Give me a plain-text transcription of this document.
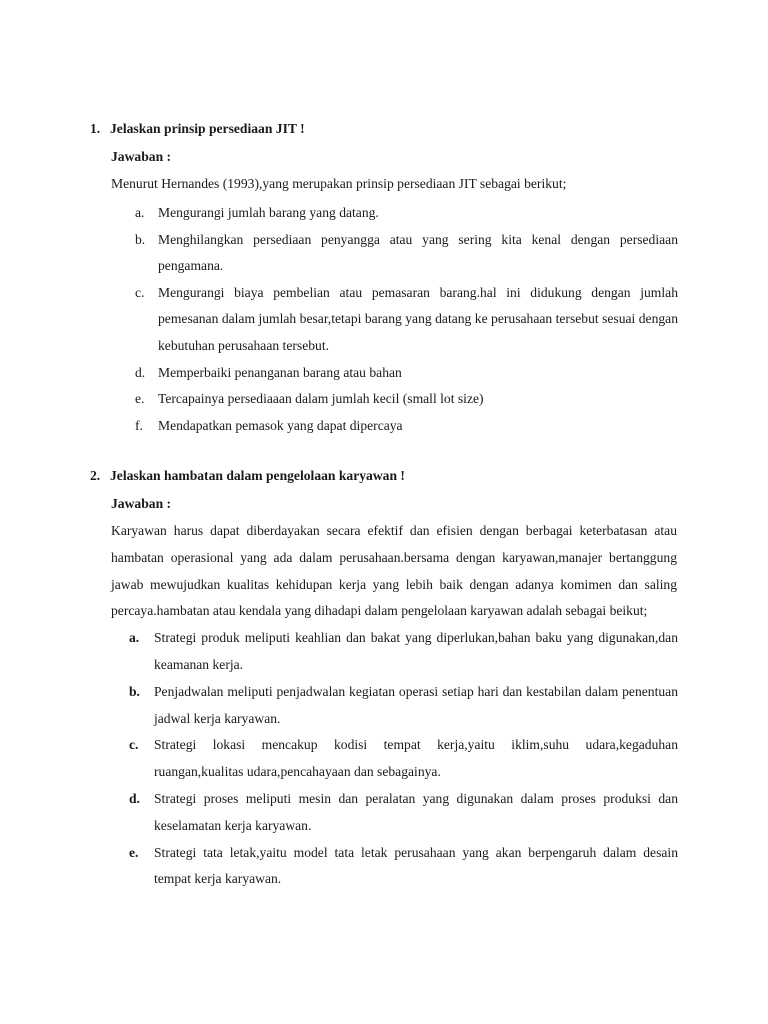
1. Jelaskan prinsip persediaan JIT !
Jawaban :
Menurut Hernandes (1993),yang merupakan prinsip persediaan JIT sebagai berikut;
a. Mengurangi jumlah barang yang datang.
b. Menghilangkan persediaan penyangga atau yang sering kita kenal dengan persediaan pengamana.
c. Mengurangi biaya pembelian atau pemasaran barang.hal ini didukung dengan jumlah pemesanan dalam jumlah besar,tetapi barang yang datang ke perusahaan tersebut sesuai dengan kebutuhan perusahaan tersebut.
d. Memperbaiki penanganan barang atau bahan
e. Tercapainya persediaaan dalam jumlah kecil (small lot size)
f.	Mendapatkan pemasok yang dapat dipercaya
2. Jelaskan hambatan dalam pengelolaan karyawan !
Jawaban :
Karyawan harus dapat diberdayakan secara efektif dan efisien dengan berbagai keterbatasan atau hambatan operasional yang ada dalam perusahaan.bersama dengan karyawan,manajer bertanggung jawab mewujudkan kualitas kehidupan kerja yang lebih baik dengan adanya komimen dan saling percaya.hambatan atau kendala yang dihadapi dalam pengelolaan karyawan adalah sebagai beikut;
a.	Strategi produk meliputi keahlian dan bakat yang diperlukan,bahan baku yang digunakan,dan keamanan kerja.
b.	Penjadwalan meliputi penjadwalan kegiatan operasi setiap hari dan kestabilan dalam penentuan jadwal kerja karyawan.
c.	Strategi lokasi mencakup kodisi tempat kerja,yaitu iklim,suhu udara,kegaduhan ruangan,kualitas udara,pencahayaan dan sebagainya.
d.	Strategi proses meliputi mesin dan peralatan yang digunakan dalam proses produksi dan keselamatan kerja karyawan.
e.	Strategi tata letak,yaitu model tata letak perusahaan yang akan berpengaruh dalam desain tempat kerja karyawan.
